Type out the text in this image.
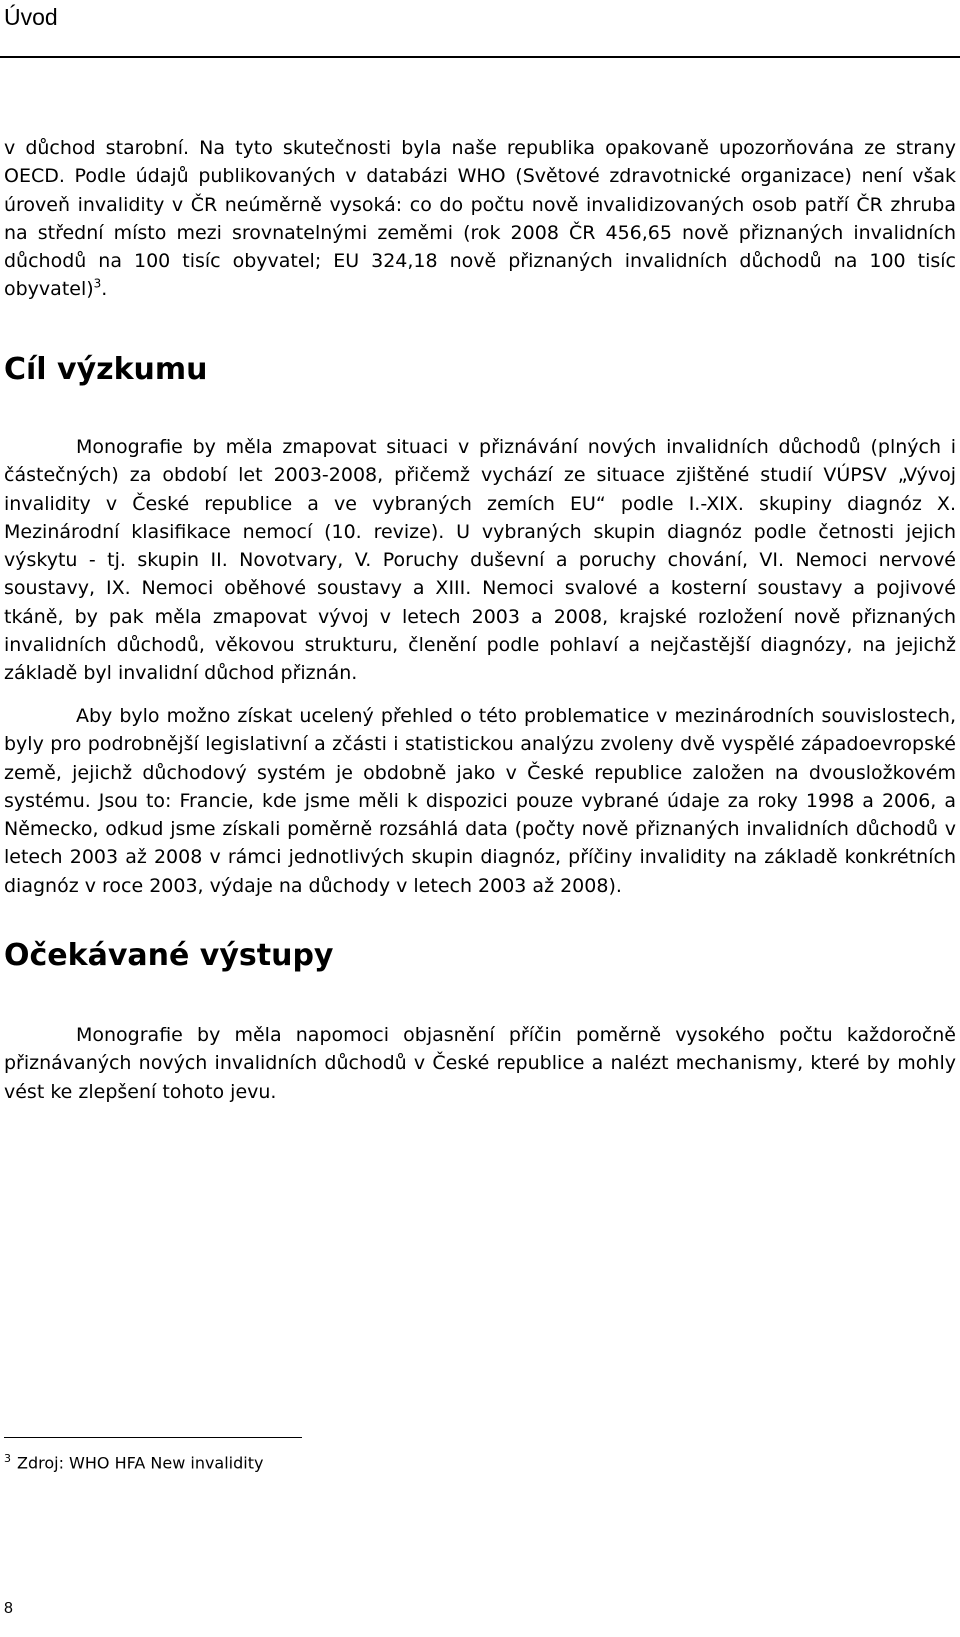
Úvod

v důchod starobní. Na tyto skutečnosti byla naše republika opakovaně upozorňována ze strany OECD. Podle údajů publikovaných v databázi WHO (Světové zdravotnické organizace) není však úroveň invalidity v ČR neúměrně vysoká: co do počtu nově invalidizovaných osob patří ČR zhruba na střední místo mezi srovnatelnými zeměmi (rok 2008 ČR 456,65 nově přiznaných invalidních důchodů na 100 tisíc obyvatel; EU 324,18 nově přiznaných invalidních důchodů na 100 tisíc obyvatel)$^3$.

Cíl výzkumu

Monografie by měla zmapovat situaci v přiznávání nových invalidních důchodů (plných i částečných) za období let 2003-2008, přičemž vychází ze situace zjištěné studií VÚPSV „Vývoj invalidity v České republice a ve vybraných zemích EU“ podle I.-XIX. skupiny diagnóz X. Mezinárodní klasifikace nemocí (10. revize). U vybraných skupin diagnóz podle četnosti jejich výskytu - tj. skupin II. Novotvary, V. Poruchy duševní a poruchy chování, VI. Nemoci nervové soustavy, IX. Nemoci oběhové soustavy a XIII. Nemoci svalové a kosterní soustavy a pojivové tkáně, by pak měla zmapovat vývoj v letech 2003 a 2008, krajské rozložení nově přiznaných invalidních důchodů, věkovou strukturu, členění podle pohlaví a nejčastější diagnózy, na jejichž základě byl invalidní důchod přiznán.

Aby bylo možno získat ucelený přehled o této problematice v mezinárodních souvislostech, byly pro podrobnější legislativní a zčásti i statistickou analýzu zvoleny dvě vyspělé západoevropské země, jejichž důchodový systém je obdobně jako v České republice založen na dvousložkovém systému. Jsou to: Francie, kde jsme měli k dispozici pouze vybrané údaje za roky 1998 a 2006, a Německo, odkud jsme získali poměrně rozsáhlá data (počty nově přiznaných invalidních důchodů v letech 2003 až 2008 v rámci jednotlivých skupin diagnóz, příčiny invalidity na základě konkrétních diagnóz v roce 2003, výdaje na důchody v letech 2003 až 2008).

Očekávané výstupy

Monografie by měla napomoci objasnění příčin poměrně vysokého počtu každoročně přiznávaných nových invalidních důchodů v České republice a nalézt mechanismy, které by mohly vést ke zlepšení tohoto jevu.

$^3$ Zdroj: WHO HFA New invalidity
8
